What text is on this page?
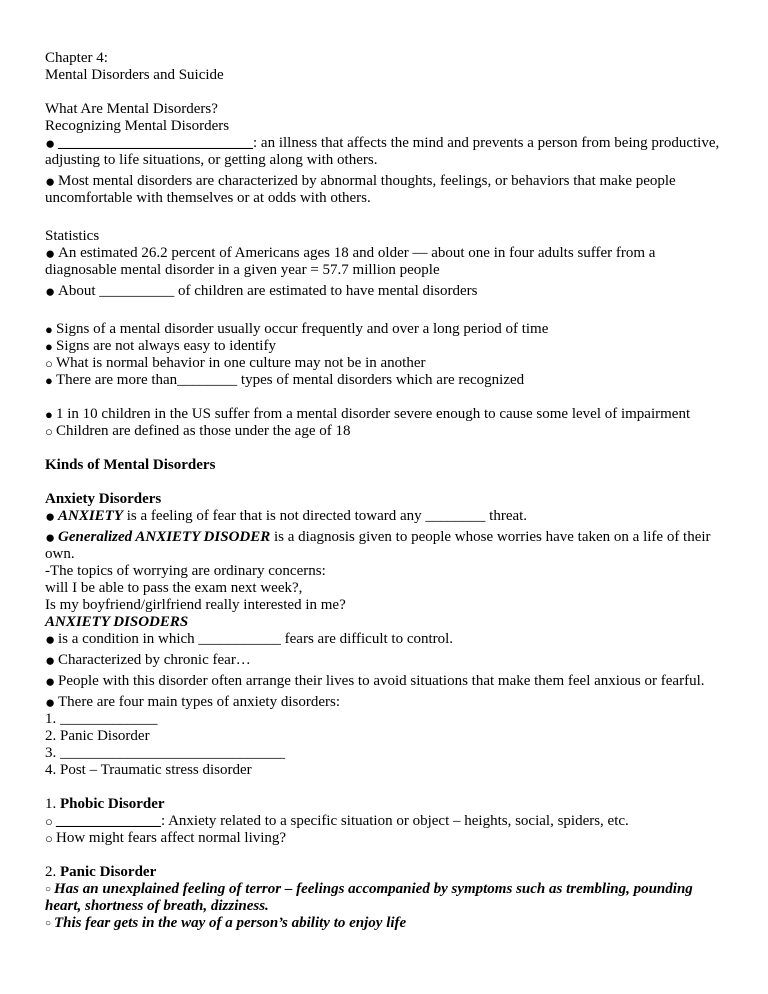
Chapter 4:
Mental Disorders and Suicide
What Are Mental Disorders?
Recognizing Mental Disorders
● __________________________: an illness that affects the mind and prevents a person from being productive, adjusting to life situations, or getting along with others.
● Most mental disorders are characterized by abnormal thoughts, feelings, or behaviors that make people uncomfortable with themselves or at odds with others.
Statistics
● An estimated 26.2 percent of Americans ages 18 and older — about one in four adults suffer from a diagnosable mental disorder in a given year = 57.7 million people
● About __________ of children are estimated to have mental disorders
● Signs of a mental disorder usually occur frequently and over a long period of time
● Signs are not always easy to identify
○ What is normal behavior in one culture may not be in another
● There are more than________ types of mental disorders which are recognized
● 1 in 10 children in the US suffer from a mental disorder severe enough to cause some level of impairment
○ Children are defined as those under the age of 18
Kinds of Mental Disorders
Anxiety Disorders
● ANXIETY is a feeling of fear that is not directed toward any ________ threat.
● Generalized ANXIETY DISODER is a diagnosis given to people whose worries have taken on a life of their own.
-The topics of worrying are ordinary concerns:
will I be able to pass the exam next week?,
Is my boyfriend/girlfriend really interested in me?
ANXIETY DISODERS
● is a condition in which ___________ fears are difficult to control.
● Characterized by chronic fear…
● People with this disorder often arrange their lives to avoid situations that make them feel anxious or fearful.
● There are four main types of anxiety disorders:
1. _____________
2. Panic Disorder
3. ______________________________
4. Post – Traumatic stress disorder
1. Phobic Disorder
○ ______________: Anxiety related to a specific situation or object – heights, social, spiders, etc.
○ How might fears affect normal living?
2. Panic Disorder
○ Has an unexplained feeling of terror – feelings accompanied by symptoms such as trembling, pounding heart, shortness of breath, dizziness.
○ This fear gets in the way of a person’s ability to enjoy life
